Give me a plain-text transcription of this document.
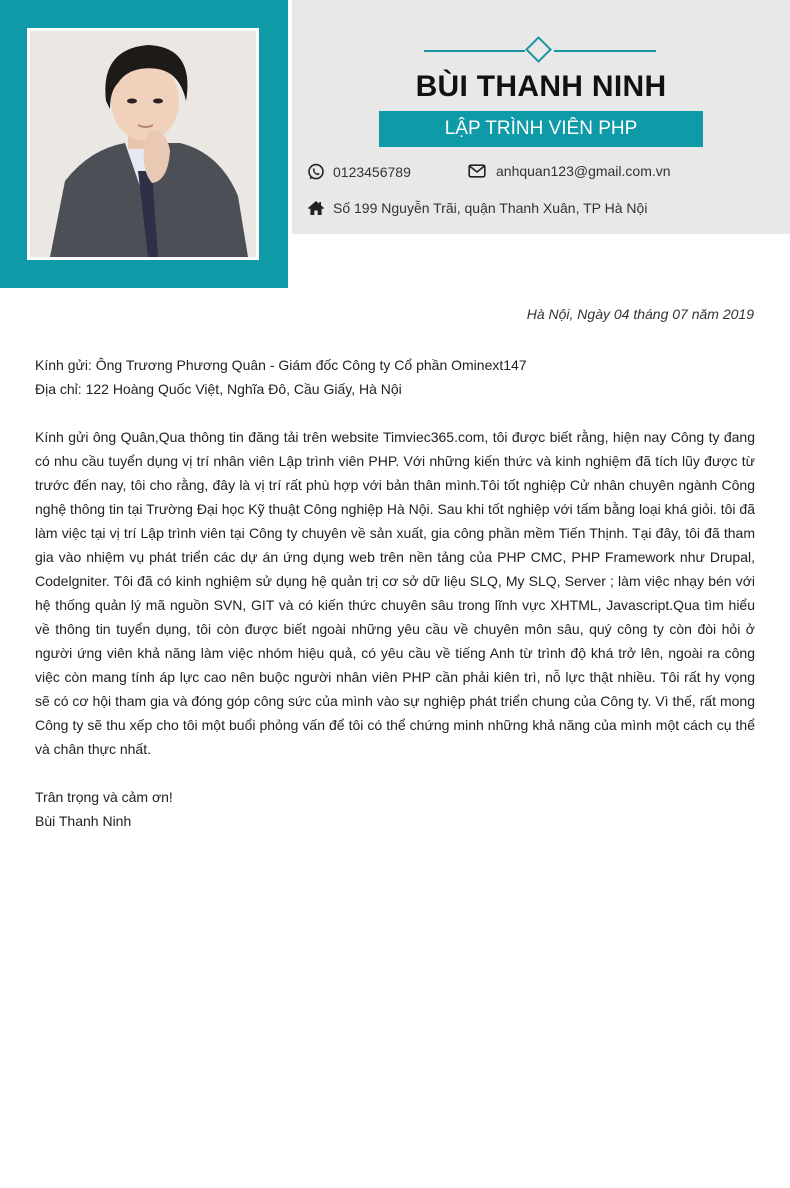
BÙI THANH NINH
LẬP TRÌNH VIÊN PHP
0123456789	anhquan123@gmail.com.vn
Số 199 Nguyễn Trãi, quận Thanh Xuân, TP Hà Nội
Hà Nội, Ngày 04 tháng 07 năm 2019

Kính gửi: Ông Trương Phương Quân - Giám đốc Công ty Cổ phần Ominext147

Địa chỉ: 122 Hoàng Quốc Việt, Nghĩa Đô, Cầu Giấy, Hà Nội

Kính gửi ông Quân,Qua thông tin đăng tải trên website Timviec365.com, tôi được biết rằng, hiện nay Công ty đang có nhu cầu tuyển dụng vị trí nhân viên Lập trình viên PHP. Với những kiến thức và kinh nghiệm đã tích lũy được từ trước đến nay, tôi cho rằng, đây là vị trí rất phù hợp với bản thân mình.Tôi tốt nghiệp Cử nhân chuyên ngành Công nghệ thông tin tại Trường Đại học Kỹ thuật Công nghiệp Hà Nội. Sau khi tốt nghiệp với tấm bằng loại khá giỏi. tôi đã làm việc tại vị trí Lập trình viên tại Công ty chuyên về sản xuất, gia công phần mềm Tiến Thịnh. Tại đây, tôi đã tham gia vào nhiệm vụ phát triển các dự án ứng dụng web trên nền tảng của PHP CMC, PHP Framework như Drupal, Codelgniter. Tôi đã có kinh nghiệm sử dụng hệ quản trị cơ sở dữ liệu SLQ, My SLQ, Server ; làm việc nhạy bén với hệ thống quản lý mã nguồn SVN, GIT và có kiến thức chuyên sâu trong lĩnh vực XHTML, Javascript.Qua tìm hiểu về thông tin tuyển dụng, tôi còn được biết ngoài những yêu cầu về chuyên môn sâu, quý công ty còn đòi hỏi ở người ứng viên khả năng làm việc nhóm hiệu quả, có yêu cầu về tiếng Anh từ trình độ khá trở lên, ngoài ra công việc còn mang tính áp lực cao nên buộc người nhân viên PHP cần phải kiên trì, nỗ lực thật nhiều. Tôi rất hy vọng sẽ có cơ hội tham gia và đóng góp công sức của mình vào sự nghiệp phát triển chung của Công ty. Vì thế, rất mong Công ty sẽ thu xếp cho tôi một buổi phỏng vấn để tôi có thể chứng minh những khả năng của mình một cách cụ thể và chân thực nhất.

Trân trọng và cảm ơn!

Bùi Thanh Ninh
